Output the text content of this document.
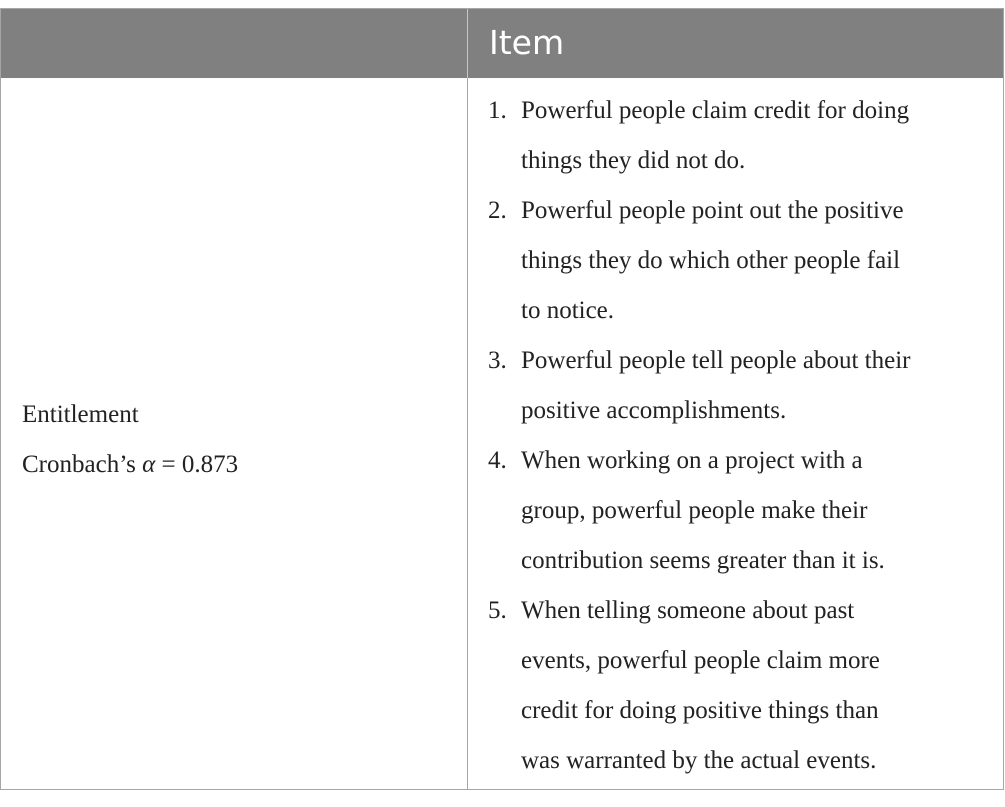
Item
Entitlement
Cronbach’s α = 0.873
1. Powerful people claim credit for doing
things they did not do.
2. Powerful people point out the positive
things they do which other people fail
to notice.
3. Powerful people tell people about their
positive accomplishments.
4. When working on a project with a
group, powerful people make their
contribution seems greater than it is.
5. When telling someone about past
events, powerful people claim more
credit for doing positive things than
was warranted by the actual events.
